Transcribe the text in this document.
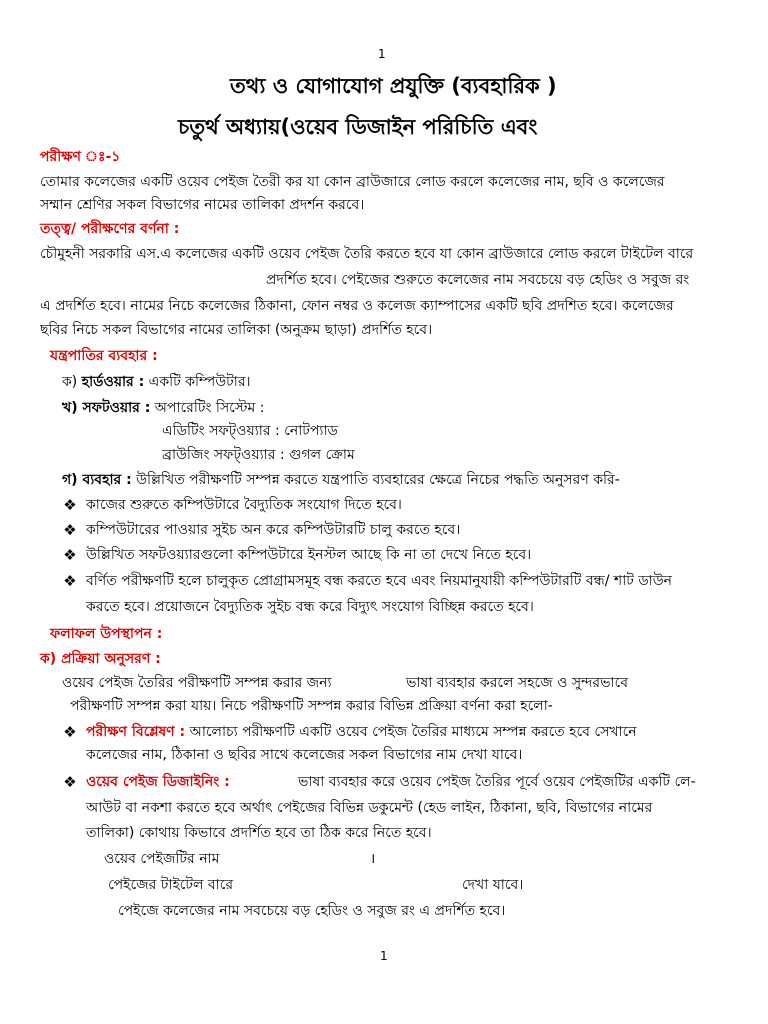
1
তথ্য ও যোগাযোগ প্রযুক্তি (ব্যবহারিক )
চতুর্থ অধ্যায়(ওয়েব ডিজাইন পরিচিতি এবং
পরীক্ষণ ঃ-১
তোমার কলেজের একটি ওয়েব পেইজ তৈরী কর যা কোন ব্রাউজারে লোড করলে কলেজের নাম, ছবি ও কলেজের
সম্মান শ্রেণির সকল বিভাগের নামের তালিকা প্রদর্শন করবে।
তত্ত্ব/ পরীক্ষণের বর্ণনা :
চৌমুহনী সরকারি এস.এ কলেজের একটি ওয়েব পেইজ তৈরি করতে হবে যা কোন ব্রাউজারে লোড করলে টাইটেল বারে
প্রদর্শিত হবে। পেইজের শুরুতে কলেজের নাম সবচেয়ে বড় হেডিং ও সবুজ রং
এ প্রদর্শিত হবে। নামের নিচে কলেজের ঠিকানা, ফোন নম্বর ও কলেজ ক্যাম্পাসের একটি ছবি প্রদশিত হবে। কলেজের
ছবির নিচে সকল বিভাগের নামের তালিকা (অনুক্রম ছাড়া) প্রদর্শিত হবে।
যন্ত্রপাতির ব্যবহার :
ক) হার্ডওয়ার : একটি কম্পিউটার।
খ) সফটওয়ার : অপারেটিং সিস্টেম :
এডিটিং সফট্ওয়্যার : নোটপ্যাড
ব্রাউজিং সফট্ওয়্যার : গুগল ক্রোম
গ) ব্যবহার : উল্লিখিত পরীক্ষণটি সম্পন্ন করতে যন্ত্রপাতি ব্যবহারের ক্ষেত্রে নিচের পদ্ধতি অনুসরণ করি-
❖ কাজের শুরুতে কম্পিউটারে বৈদ্যুতিক সংযোগ দিতে হবে।
❖ কম্পিউটারের পাওয়ার সুইচ অন করে কম্পিউটারটি চালু করতে হবে।
❖ উল্লিখিত সফটওয়্যারগুলো কম্পিউটারে ইনস্টল আছে কি না তা দেখে নিতে হবে।
❖ বর্ণিত পরীক্ষণটি হলে চালুকৃত প্রোগ্রামসমূহ বন্ধ করতে হবে এবং নিয়মানুযায়ী কম্পিউটারটি বন্ধ/ শাট ডাউন
করতে হবে। প্রয়োজনে বৈদ্যুতিক সুইচ বন্ধ করে বিদ্যুৎ সংযোগ বিচ্ছিন্ন করতে হবে।
ফলাফল উপস্থাপন :
ক) প্রক্রিয়া অনুসরণ :
ওয়েব পেইজ তৈরির পরীক্ষণটি সম্পন্ন করার জন্য	ভাষা ব্যবহার করলে সহজে ও সুন্দরভাবে
পরীক্ষণটি সম্পন্ন করা যায়। নিচে পরীক্ষণটি সম্পন্ন করার বিভিন্ন প্রক্রিয়া বর্ণনা করা হলো-
❖ পরীক্ষণ বিশ্লেষণ : আলোচ্য পরীক্ষণটি একটি ওয়েব পেইজ তৈরির মাধ্যমে সম্পন্ন করতে হবে সেখানে
কলেজের নাম, ঠিকানা ও ছবির সাথে কলেজের সকল বিভাগের নাম দেখা যাবে।
❖ ওয়েব পেইজ ডিজাইনিং :	ভাষা ব্যবহার করে ওয়েব পেইজ তৈরির পূর্বে ওয়েব পেইজটির একটি লে-
আউট বা নকশা করতে হবে অর্থাৎ পেইজের বিভিন্ন ডকুমেন্ট (হেড লাইন, ঠিকানা, ছবি, বিভাগের নামের
তালিকা) কোথায় কিভাবে প্রদর্শিত হবে তা ঠিক করে নিতে হবে।
ওয়েব পেইজটির নাম	।
পেইজের টাইটেল বারে	দেখা যাবে।
পেইজে কলেজের নাম সবচেয়ে বড় হেডিং ও সবুজ রং এ প্রদর্শিত হবে।
1
